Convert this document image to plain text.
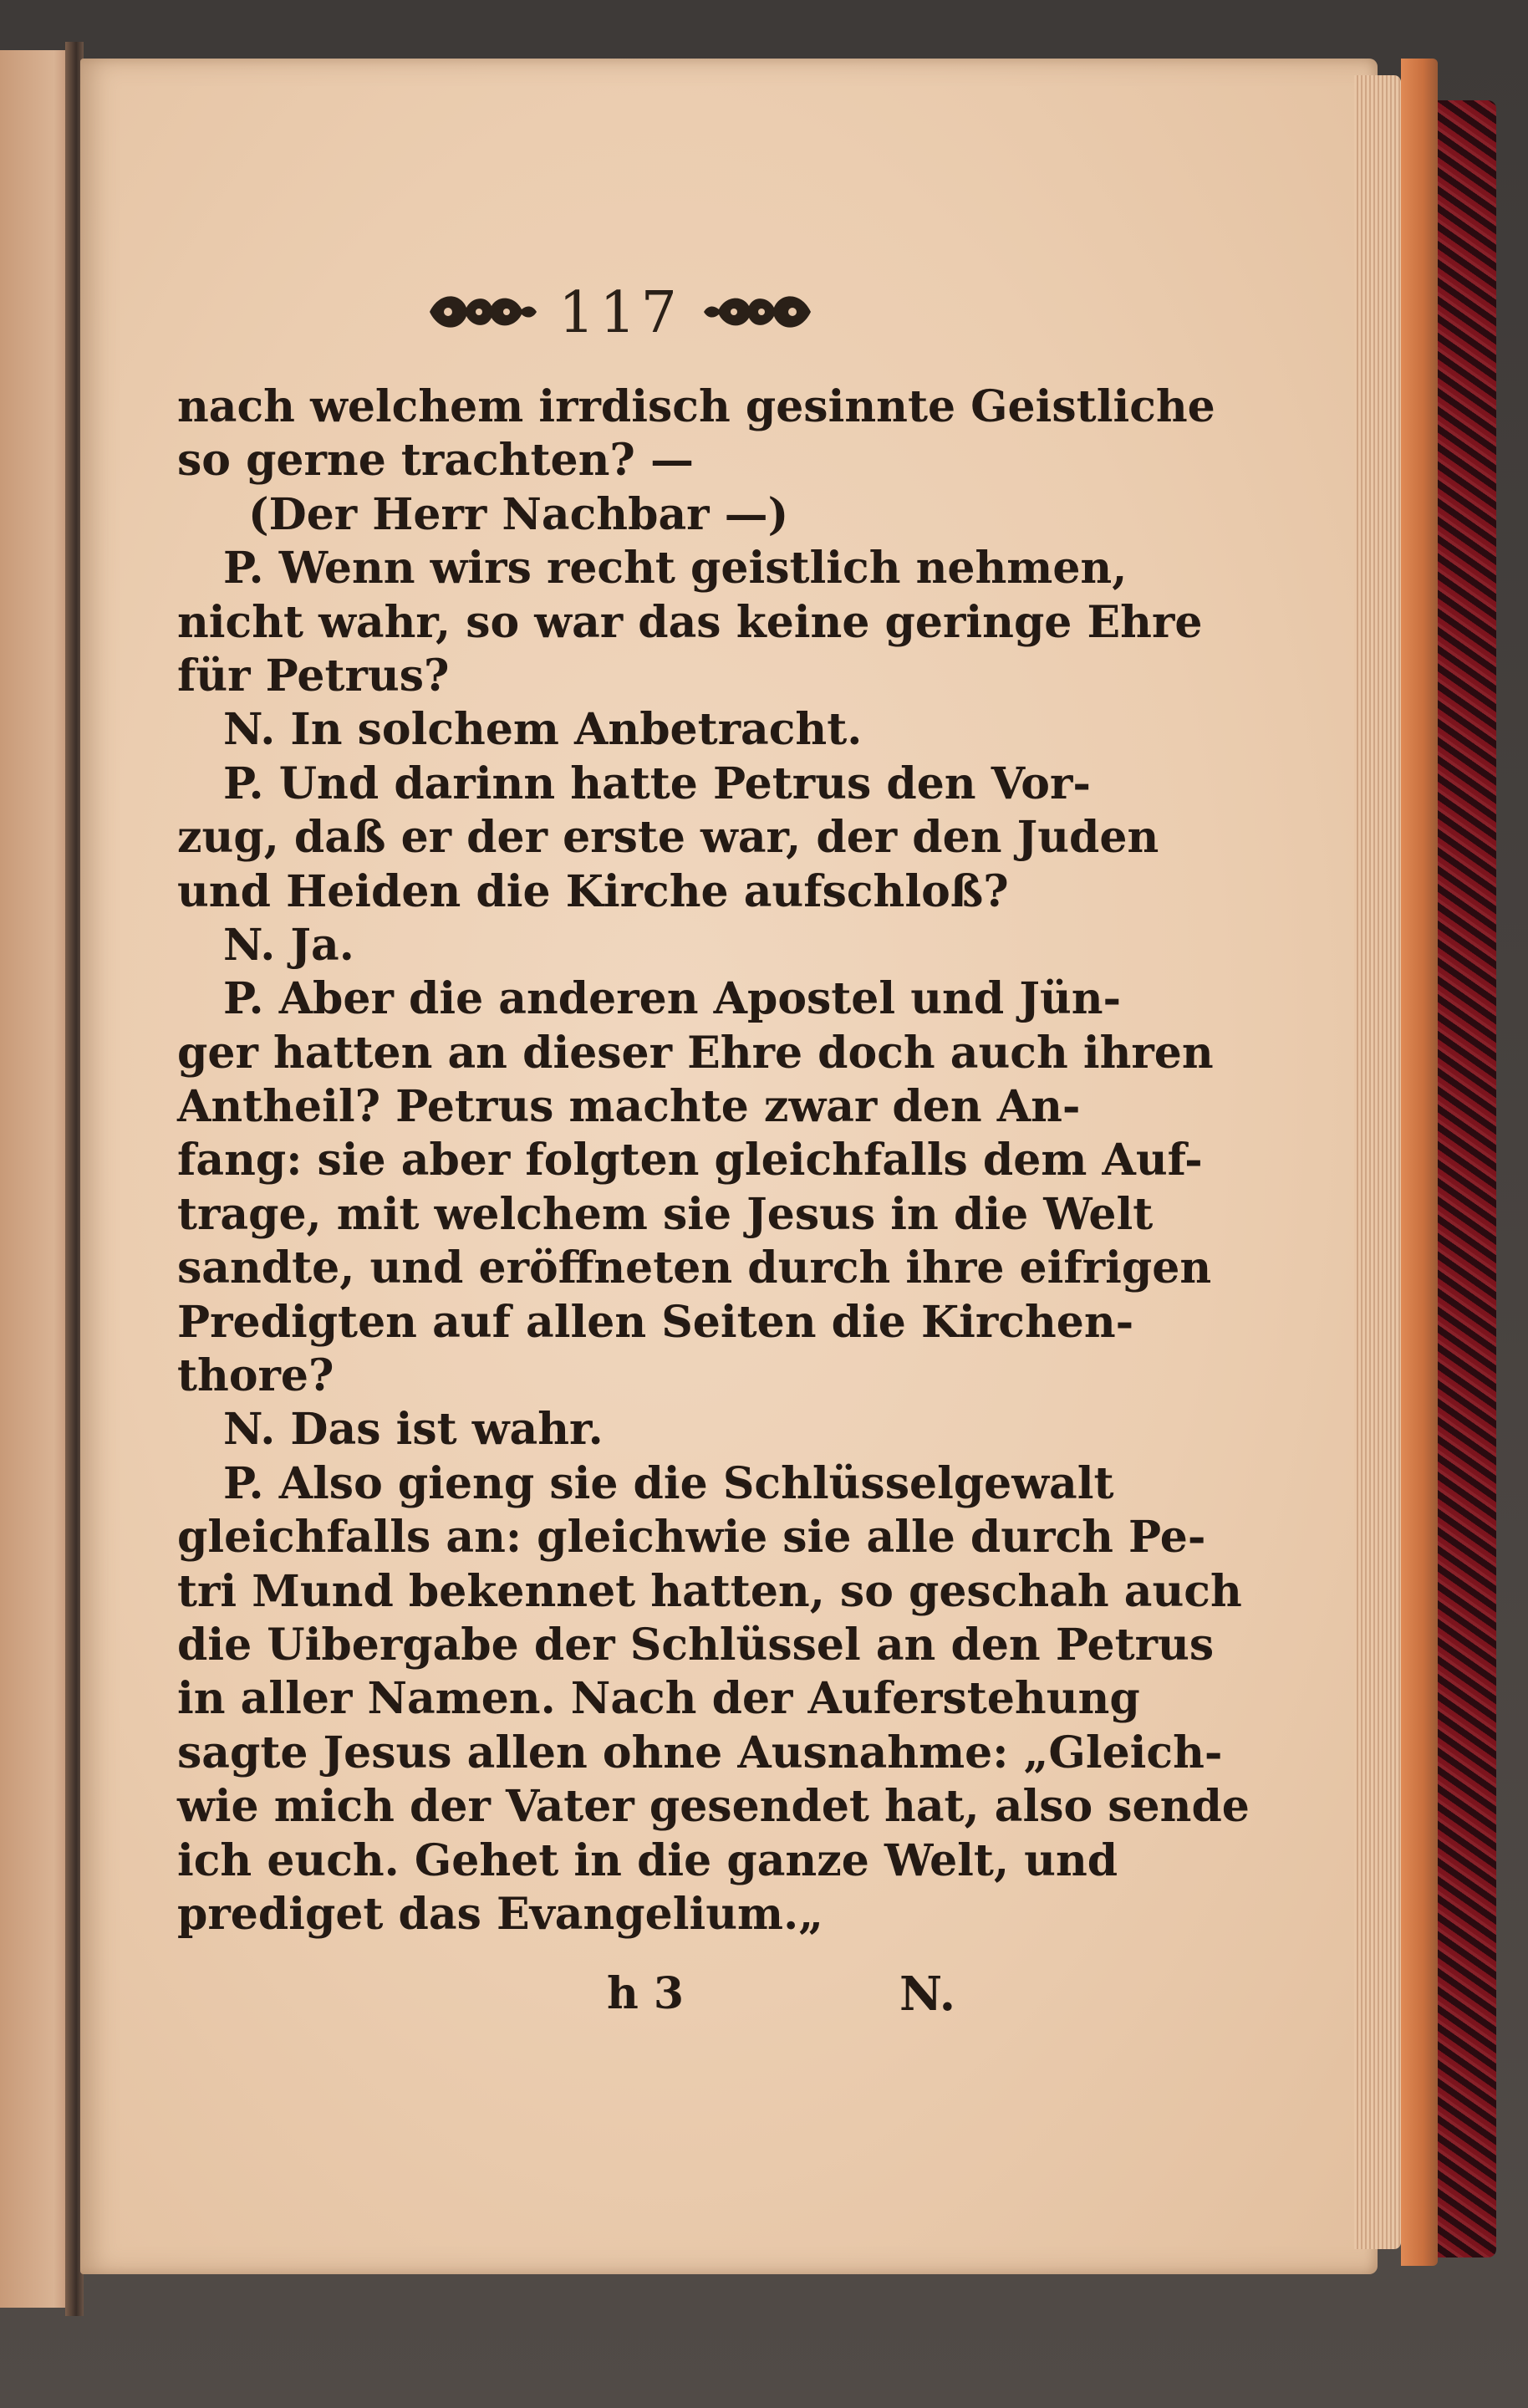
117
nach welchem irrdisch gesinnte Geistliche
so gerne trachten? —
(Der Herr Nachbar —)
P. Wenn wirs recht geistlich nehmen,
nicht wahr, so war das keine geringe Ehre
für Petrus?
N. In solchem Anbetracht.
P. Und darinn hatte Petrus den Vor-
zug, daß er der erste war, der den Juden
und Heiden die Kirche aufschloß?
N. Ja.
P. Aber die anderen Apostel und Jün-
ger hatten an dieser Ehre doch auch ihren
Antheil? Petrus machte zwar den An-
fang: sie aber folgten gleichfalls dem Auf-
trage, mit welchem sie Jesus in die Welt
sandte, und eröffneten durch ihre eifrigen
Predigten auf allen Seiten die Kirchen-
thore?
N. Das ist wahr.
P. Also gieng sie die Schlüsselgewalt
gleichfalls an: gleichwie sie alle durch Pe-
tri Mund bekennet hatten, so geschah auch
die Uibergabe der Schlüssel an den Petrus
in aller Namen. Nach der Auferstehung
sagte Jesus allen ohne Ausnahme: „Gleich-
wie mich der Vater gesendet hat, also sende
ich euch. Gehet in die ganze Welt, und
prediget das Evangelium.„
h 3	N.
